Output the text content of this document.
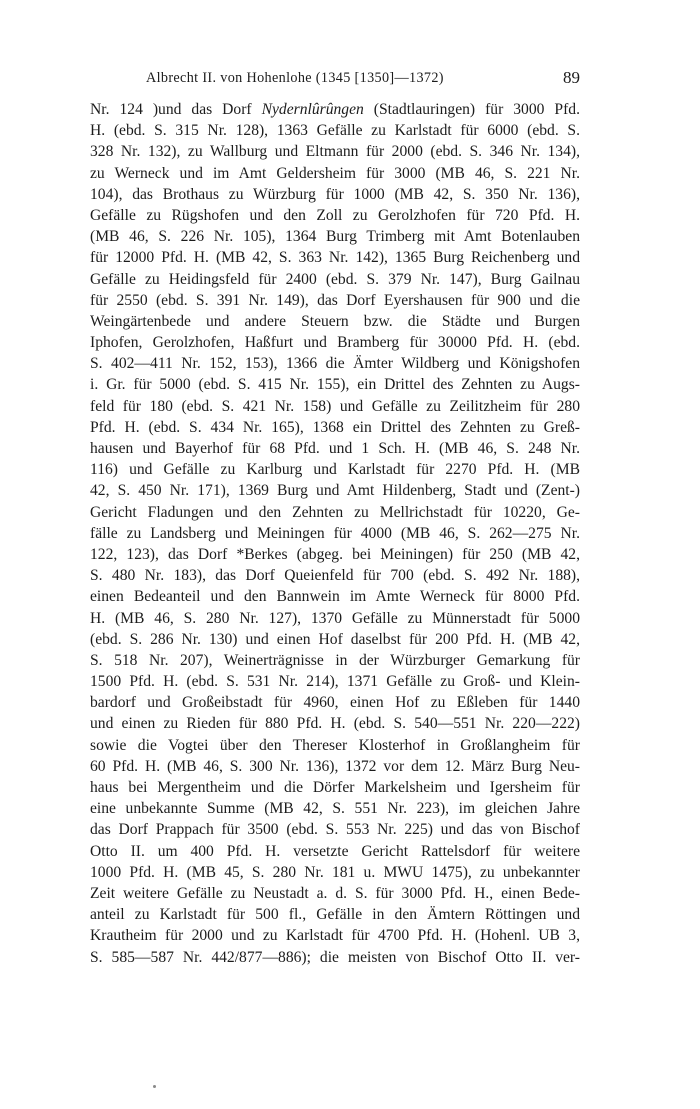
Albrecht II. von Hohenlohe (1345 [1350]—1372)	89
Nr. 124 )und das Dorf Nydernlûrûngen (Stadtlauringen) für 3000 Pfd.
H. (ebd. S. 315 Nr. 128), 1363 Gefälle zu Karlstadt für 6000 (ebd. S.
328 Nr. 132), zu Wallburg und Eltmann für 2000 (ebd. S. 346 Nr. 134),
zu Werneck und im Amt Geldersheim für 3000 (MB 46, S. 221 Nr.
104), das Brothaus zu Würzburg für 1000 (MB 42, S. 350 Nr. 136),
Gefälle zu Rügshofen und den Zoll zu Gerolzhofen für 720 Pfd. H.
(MB 46, S. 226 Nr. 105), 1364 Burg Trimberg mit Amt Botenlauben
für 12000 Pfd. H. (MB 42, S. 363 Nr. 142), 1365 Burg Reichenberg und
Gefälle zu Heidingsfeld für 2400 (ebd. S. 379 Nr. 147), Burg Gailnau
für 2550 (ebd. S. 391 Nr. 149), das Dorf Eyershausen für 900 und die
Weingärtenbede und andere Steuern bzw. die Städte und Burgen
Iphofen, Gerolzhofen, Haßfurt und Bramberg für 30000 Pfd. H. (ebd.
S. 402—411 Nr. 152, 153), 1366 die Ämter Wildberg und Königshofen
i. Gr. für 5000 (ebd. S. 415 Nr. 155), ein Drittel des Zehnten zu Augs-
feld für 180 (ebd. S. 421 Nr. 158) und Gefälle zu Zeilitzheim für 280
Pfd. H. (ebd. S. 434 Nr. 165), 1368 ein Drittel des Zehnten zu Greß-
hausen und Bayerhof für 68 Pfd. und 1 Sch. H. (MB 46, S. 248 Nr.
116) und Gefälle zu Karlburg und Karlstadt für 2270 Pfd. H. (MB
42, S. 450 Nr. 171), 1369 Burg und Amt Hildenberg, Stadt und (Zent-)
Gericht Fladungen und den Zehnten zu Mellrichstadt für 10220, Ge-
fälle zu Landsberg und Meiningen für 4000 (MB 46, S. 262—275 Nr.
122, 123), das Dorf *Berkes (abgeg. bei Meiningen) für 250 (MB 42,
S. 480 Nr. 183), das Dorf Queienfeld für 700 (ebd. S. 492 Nr. 188),
einen Bedeanteil und den Bannwein im Amte Werneck für 8000 Pfd.
H. (MB 46, S. 280 Nr. 127), 1370 Gefälle zu Münnerstadt für 5000
(ebd. S. 286 Nr. 130) und einen Hof daselbst für 200 Pfd. H. (MB 42,
S. 518 Nr. 207), Weinerträgnisse in der Würzburger Gemarkung für
1500 Pfd. H. (ebd. S. 531 Nr. 214), 1371 Gefälle zu Groß- und Klein-
bardorf und Großeibstadt für 4960, einen Hof zu Eßleben für 1440
und einen zu Rieden für 880 Pfd. H. (ebd. S. 540—551 Nr. 220—222)
sowie die Vogtei über den Thereser Klosterhof in Großlangheim für
60 Pfd. H. (MB 46, S. 300 Nr. 136), 1372 vor dem 12. März Burg Neu-
haus bei Mergentheim und die Dörfer Markelsheim und Igersheim für
eine unbekannte Summe (MB 42, S. 551 Nr. 223), im gleichen Jahre
das Dorf Prappach für 3500 (ebd. S. 553 Nr. 225) und das von Bischof
Otto II. um 400 Pfd. H. versetzte Gericht Rattelsdorf für weitere
1000 Pfd. H. (MB 45, S. 280 Nr. 181 u. MWU 1475), zu unbekannter
Zeit weitere Gefälle zu Neustadt a. d. S. für 3000 Pfd. H., einen Bede-
anteil zu Karlstadt für 500 fl., Gefälle in den Ämtern Röttingen und
Krautheim für 2000 und zu Karlstadt für 4700 Pfd. H. (Hohenl. UB 3,
S. 585—587 Nr. 442/877—886); die meisten von Bischof Otto II. ver-
